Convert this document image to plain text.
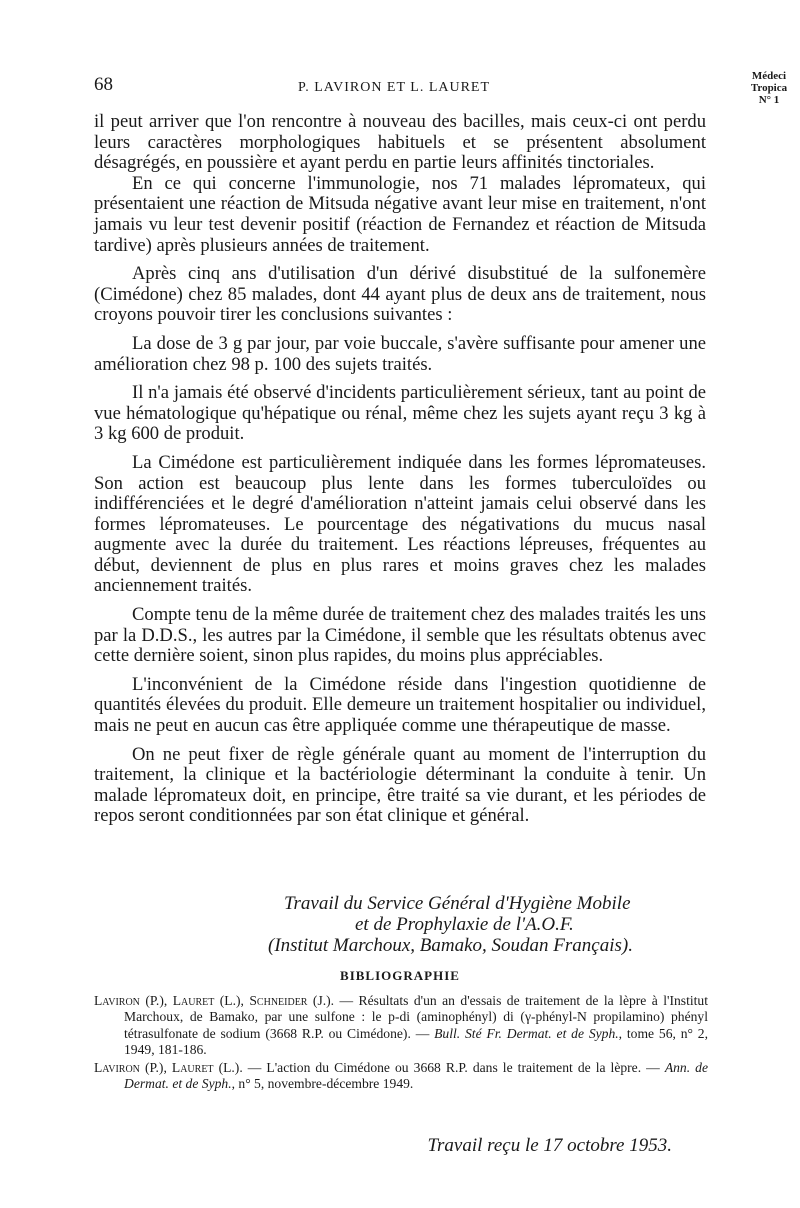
68	P. LAVIRON ET L. LAURET
Médeci
Tropica
N° 1

il peut arriver que l'on rencontre à nouveau des bacilles, mais ceux-ci ont perdu leurs caractères morphologiques habituels et se présentent absolument désagrégés, en poussière et ayant perdu en partie leurs affinités tinctoriales.

En ce qui concerne l'immunologie, nos 71 malades lépromateux, qui présentaient une réaction de Mitsuda négative avant leur mise en traitement, n'ont jamais vu leur test devenir positif (réaction de Fernandez et réaction de Mitsuda tardive) après plusieurs années de traitement.

Après cinq ans d'utilisation d'un dérivé disubstitué de la sulfonemère (Cimédone) chez 85 malades, dont 44 ayant plus de deux ans de traitement, nous croyons pouvoir tirer les conclusions suivantes :

La dose de 3 g par jour, par voie buccale, s'avère suffisante pour amener une amélioration chez 98 p. 100 des sujets traités.

Il n'a jamais été observé d'incidents particulièrement sérieux, tant au point de vue hématologique qu'hépatique ou rénal, même chez les sujets ayant reçu 3 kg à 3 kg 600 de produit.

La Cimédone est particulièrement indiquée dans les formes lépromateuses. Son action est beaucoup plus lente dans les formes tuberculoïdes ou indifférenciées et le degré d'amélioration n'atteint jamais celui observé dans les formes lépromateuses. Le pourcentage des négativations du mucus nasal augmente avec la durée du traitement. Les réactions lépreuses, fréquentes au début, deviennent de plus en plus rares et moins graves chez les malades anciennement traités.

Compte tenu de la même durée de traitement chez des malades traités les uns par la D.D.S., les autres par la Cimédone, il semble que les résultats obtenus avec cette dernière soient, sinon plus rapides, du moins plus appréciables.

L'inconvénient de la Cimédone réside dans l'ingestion quotidienne de quantités élevées du produit. Elle demeure un traitement hospitalier ou individuel, mais ne peut en aucun cas être appliquée comme une thérapeutique de masse.

On ne peut fixer de règle générale quant au moment de l'interruption du traitement, la clinique et la bactériologie déterminant la conduite à tenir. Un malade lépromateux doit, en principe, être traité sa vie durant, et les périodes de repos seront conditionnées par son état clinique et général.

Travail du Service Général d'Hygiène Mobile
et de Prophylaxie de l'A.O.F.
(Institut Marchoux, Bamako, Soudan Français).
BIBLIOGRAPHIE

Laviron (P.), Lauret (L.), Schneider (J.). — Résultats d'un an d'essais de traitement de la lèpre à l'Institut Marchoux, de Bamako, par une sulfone : le p-di (aminophényl) di (γ-phényl-N propilamino) phényl tétrasulfonate de sodium (3668 R.P. ou Cimédone). — Bull. Sté Fr. Dermat. et de Syph., tome 56, n° 2, 1949, 181-186.

Laviron (P.), Lauret (L.). — L'action du Cimédone ou 3668 R.P. dans le traitement de la lèpre. — Ann. de Dermat. et de Syph., n° 5, novembre-décembre 1949.

Travail reçu le 17 octobre 1953.
